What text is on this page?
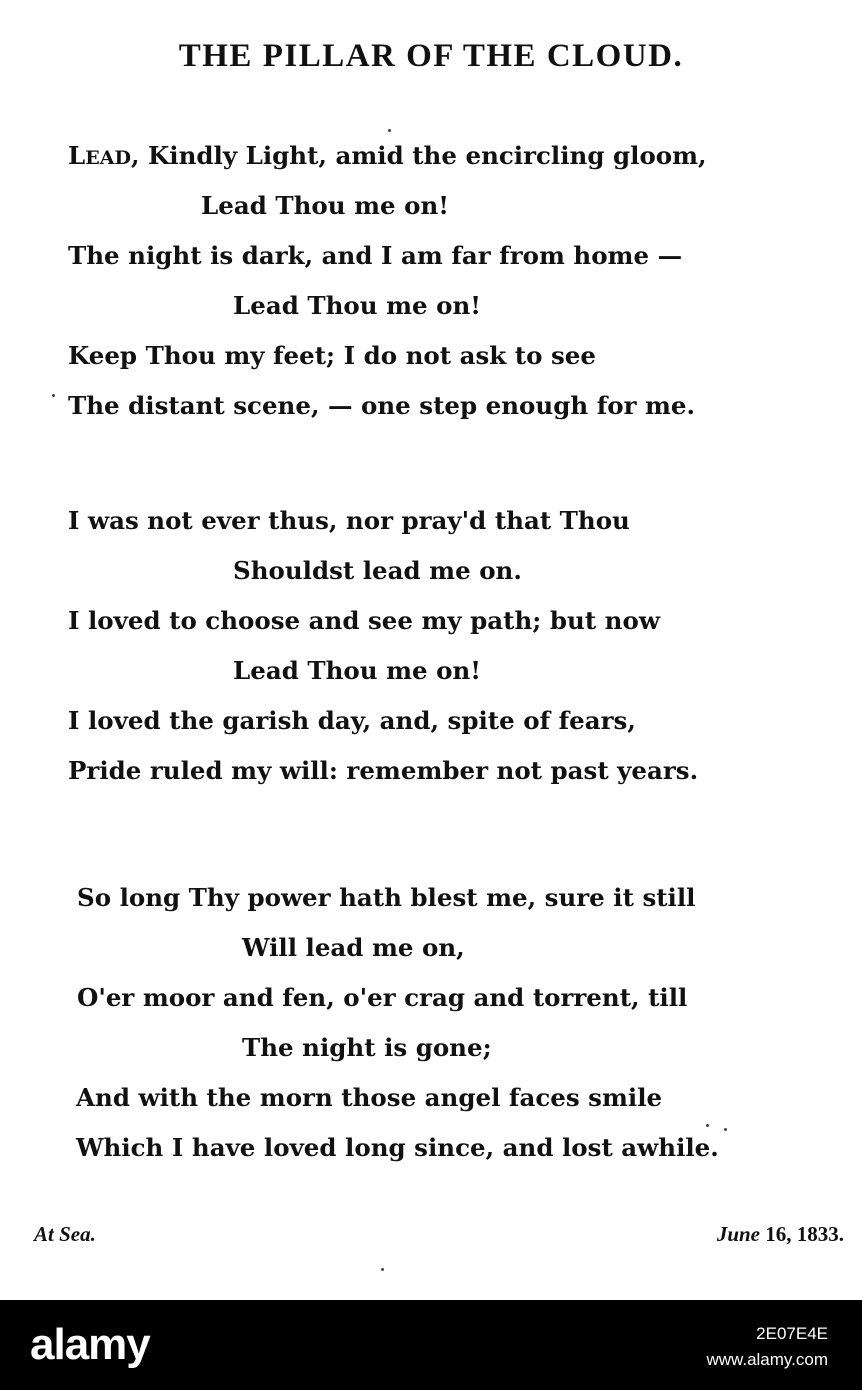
THE PILLAR OF THE CLOUD.
LEAD, Kindly Light, amid the encircling gloom,
Lead Thou me on!
The night is dark, and I am far from home —
Lead Thou me on!
Keep Thou my feet; I do not ask to see
The distant scene, — one step enough for me.
I was not ever thus, nor pray'd that Thou
Shouldst lead me on.
I loved to choose and see my path; but now
Lead Thou me on!
I loved the garish day, and, spite of fears,
Pride ruled my will: remember not past years.
So long Thy power hath blest me, sure it still
Will lead me on,
O'er moor and fen, o'er crag and torrent, till
The night is gone;
And with the morn those angel faces smile
Which I have loved long since, and lost awhile.
At Sea.	June 16, 1833.
alamy	2E07E4E
www.alamy.com
